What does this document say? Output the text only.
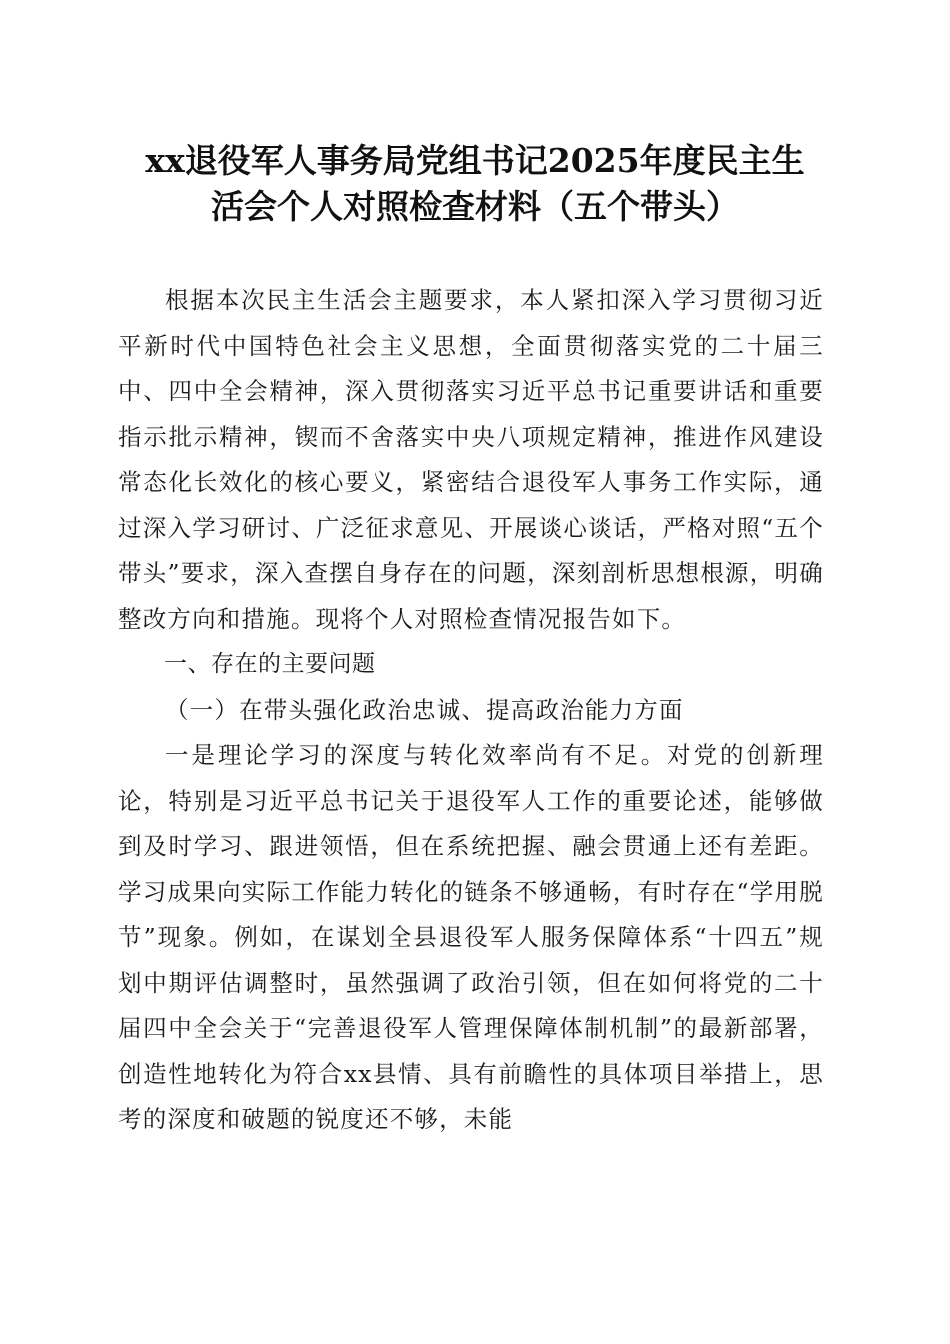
xx退役军人事务局党组书记2025年度民主生
活会个人对照检查材料（五个带头）

根据本次民主生活会主题要求，本人紧扣深入学习贯彻习近平新时代中国特色社会主义思想，全面贯彻落实党的二十届三中、四中全会精神，深入贯彻落实习近平总书记重要讲话和重要指示批示精神，锲而不舍落实中央八项规定精神，推进作风建设常态化长效化的核心要义，紧密结合退役军人事务工作实际，通过深入学习研讨、广泛征求意见、开展谈心谈话，严格对照“五个带头”要求，深入查摆自身存在的问题，深刻剖析思想根源，明确整改方向和措施。现将个人对照检查情况报告如下。

一、存在的主要问题

（一）在带头强化政治忠诚、提高政治能力方面

一是理论学习的深度与转化效率尚有不足。对党的创新理论，特别是习近平总书记关于退役军人工作的重要论述，能够做到及时学习、跟进领悟，但在系统把握、融会贯通上还有差距。学习成果向实际工作能力转化的链条不够通畅，有时存在“学用脱节”现象。例如，在谋划全县退役军人服务保障体系“十四五”规划中期评估调整时，虽然强调了政治引领，但在如何将党的二十届四中全会关于“完善退役军人管理保障体制机制”的最新部署，创造性地转化为符合xx县情、具有前瞻性的具体项目举措上，思考的深度和破题的锐度还不够，未能
